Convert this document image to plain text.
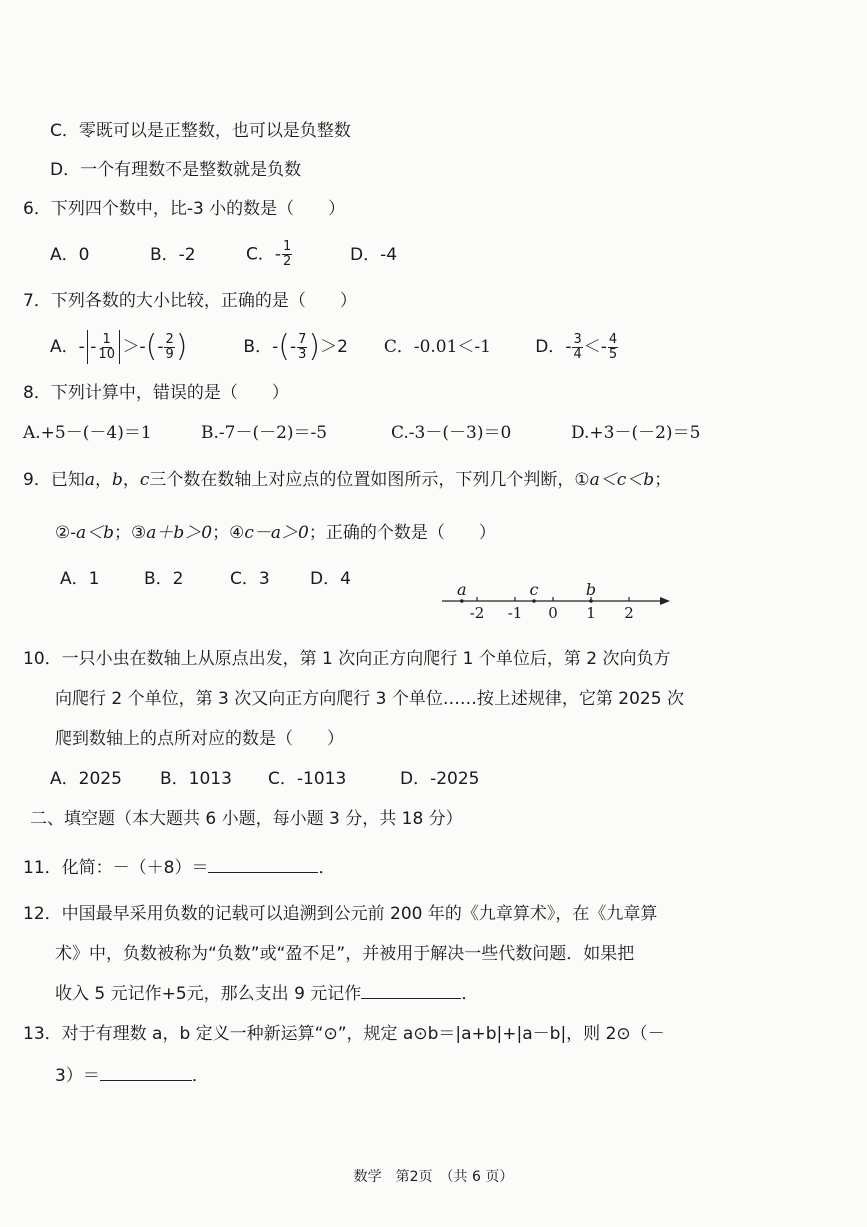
C．零既可以是正整数，也可以是负整数
D．一个有理数不是整数就是负数
6．下列四个数中，比-3 小的数是（　　）
A．0	B．-2	C．- $\frac{1}{2}$	D．-4
7．下列各数的大小比较，正确的是（　　）
A．- - $\frac{1}{10}$ ＞-(- $\frac{2}{9}$ )	B．-(- $\frac{7}{3} )>2$ C．-0.01＜-1	D．- $\frac{3}{4} <- \frac{4}{5}$
8．下列计算中，错误的是（　　）
A.+5－(－4)＝1	B.-7－(－2)＝-5	C.-3－(－3)＝0	D.+3－(－2)＝5
9．已知a，b，c三个数在数轴上对应点的位置如图所示，下列几个判断，①a＜c＜b；
②-a＜b；③a＋b＞0；④c－a＞0；正确的个数是（　　）
A．1	B．2	C．3 D．4
-2 -1 0 1 2
a	c	b
10．一只小虫在数轴上从原点出发，第 1 次向正方向爬行 1 个单位后，第 2 次向负方
向爬行 2 个单位，第 3 次又向正方向爬行 3 个单位……按上述规律，它第 2025 次
爬到数轴上的点所对应的数是（　　）
A．2025 B．1013 C．-1013	D．-2025
二、填空题（本大题共 6 小题，每小题 3 分，共 18 分）
11．化简：－（＋8）＝	．
12．中国最早采用负数的记载可以追溯到公元前 200 年的《九章算术》，在《九章算
术》中，负数被称为“负数”或“盈不足”，并被用于解决一些代数问题．如果把
收入 5 元记作+5元，那么支出 9 元记作	．
13．对于有理数 a，b 定义一种新运算“⊙”，规定 a⊙b＝|a+b|+|a－b|，则 2⊙（－
3）＝	．
数学　第2页　（共 6 页）
